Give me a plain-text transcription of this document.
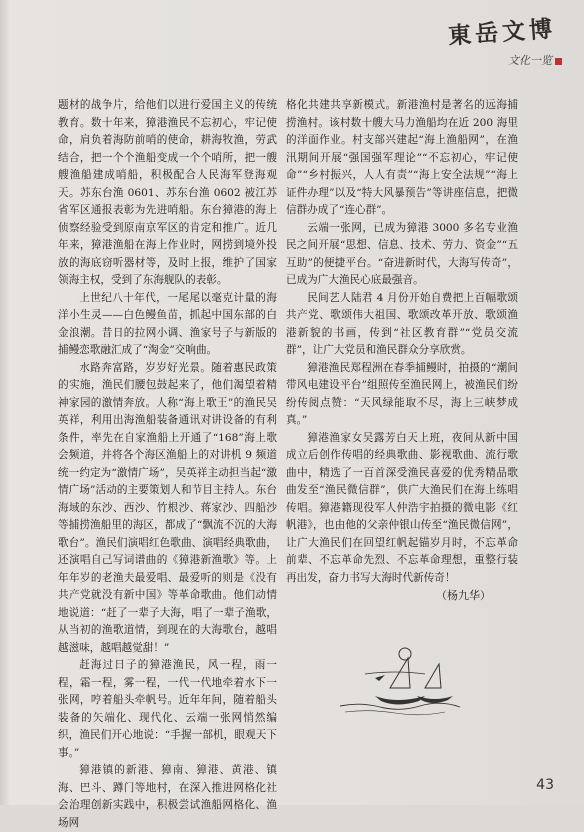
東岳文博
文化一览

题材的战争片，给他们以进行爱国主义的传统教育。数十年来，獐港渔民不忘初心，牢记使命，肩负着海防前哨的使命，耕海牧渔，劳武结合，把一个个渔船变成一个个哨所，把一艘艘渔船建成哨船，积极配合人民海军登海观天。苏东台渔 0601、苏东台渔 0602 被江苏省军区通报表彰为先进哨船。东台獐港的海上侦察经验受到原南京军区的肯定和推广。近几年来，獐港渔船在海上作业时，网捞到境外投放的海底窃听器材等，及时上报，维护了国家领海主权，受到了东海舰队的表彰。

上世纪八十年代，一尾尾以毫克计量的海洋小生灵——白色鳗鱼苗，抓起中国东部的白金浪潮。昔日的拉网小调、渔家号子与新版的捕鳗恋歌融汇成了“淘金”交响曲。

水路奔富路，岁岁好光景。随着惠民政策的实施，渔民们腰包鼓起来了，他们渴望着精神家园的激情奔放。人称“海上歌王”的渔民吴英祥，利用出海渔船装备通讯对讲设备的有利条件，率先在自家渔船上开通了“168”海上歌会频道，并将各个海区渔船上的对讲机 9 频道统一约定为“激情广场”，吴英祥主动担当起“激情广场”活动的主要策划人和节目主持人。东台海域的东沙、西沙、竹根沙、蒋家沙、四船沙等捕捞渔船里的海区，都成了“飘流不沉的大海歌台”。渔民们演唱红色歌曲、演唱经典歌曲，还演唱自己写词谱曲的《獐港新渔歌》等。上年年岁的老渔夫最爱唱、最爱听的则是《没有共产党就没有新中国》等革命歌曲。他们动情地说道：“赶了一辈子大海，唱了一辈子渔歌，从当初的渔歌道情，到现在的大海歌台，越唱越滋味，越唱越觉甜！”

赶海过日子的獐港渔民，风一程，雨一程，霜一程，雾一程，一代一代地牵着水下一张网，哼着船头牵帆号。近年年间，随着船头装备的矢端化、现代化、云端一张网悄然编织，渔民们开心地说：“手握一部机，眼观天下事。”

獐港镇的新港、獐南、獐港、黄港、镇海、巴斗、蹲门等地村，在深入推进网格化社会治理创新实践中，积极尝试渔船网格化、渔场网

格化共建共享新模式。新港渔村是著名的远海捕捞渔村。该村数十艘大马力渔船均在近 200 海里的洋面作业。村支部兴建起“海上渔船网”，在渔汛期间开展“强国强军理论”“不忘初心，牢记使命”“乡村振兴，人人有责”“海上安全法规”“海上证件办理”以及“特大风暴预告”等讲座信息，把微信群办成了“连心群”。

云端一张网，已成为獐港 3000 多名专业渔民之间开展“思想、信息、技术、劳力、资金”“五互助”的便捷平台。“奋进新时代，大海写传奇”，已成为广大渔民心底最强音。

民间艺人陆君 4 月份开始自费把上百幅歌颂共产党、歌颂伟大祖国、歌颂改革开放、歌颂渔港新貌的书画，传到“社区教育群”“党员交流群”，让广大党员和渔民群众分享欣赏。

獐港渔民郑程洲在春季捕鳗时，拍摄的“潮间带风电建设平台”组照传至渔民网上，被渔民们纷纷传阅点赞：“天风绿能取不尽，海上三峡梦成真。”

獐港渔家女吴露芳白天上班，夜间从新中国成立后创作传唱的经典歌曲、影视歌曲、流行歌曲中，精选了一百首深受渔民喜爱的优秀精品歌曲发至“渔民微信群”，供广大渔民们在海上练唱传唱。獐港籍现役军人仲浩宇拍摄的微电影《红帆港》，也由他的父亲仲银山传至“渔民微信网”，让广大渔民们在回望红帆起锚岁月时，不忘革命前辈、不忘革命先烈、不忘革命理想，重整行装再出发，奋力书写大海时代新传奇！

（杨九华）
43
